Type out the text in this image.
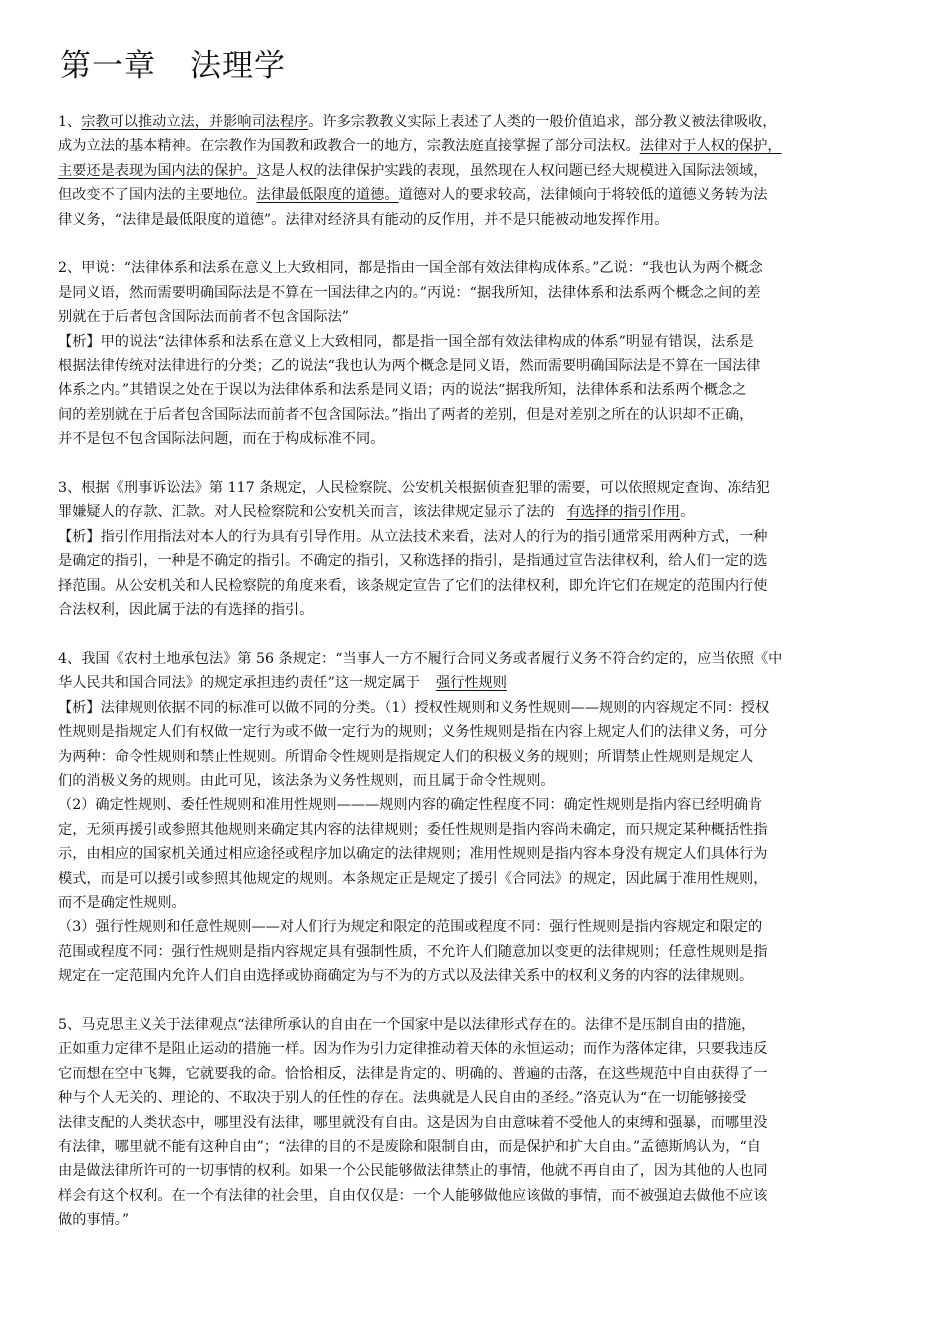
第一章 法理学
1、宗教可以推动立法，并影响司法程序。许多宗教教义实际上表述了人类的一般价值追求，部分教义被法律吸收，
成为立法的基本精神。在宗教作为国教和政教合一的地方，宗教法庭直接掌握了部分司法权。法律对于人权的保护，
主要还是表现为国内法的保护。这是人权的法律保护实践的表现，虽然现在人权问题已经大规模进入国际法领域，
但改变不了国内法的主要地位。法律最低限度的道德。道德对人的要求较高，法律倾向于将较低的道德义务转为法
律义务，“法律是最低限度的道德”。法律对经济具有能动的反作用，并不是只能被动地发挥作用。
2、甲说：“法律体系和法系在意义上大致相同，都是指由一国全部有效法律构成体系。”乙说：“我也认为两个概念
是同义语，然而需要明确国际法是不算在一国法律之内的。”丙说：“据我所知，法律体系和法系两个概念之间的差
别就在于后者包含国际法而前者不包含国际法”
【析】甲的说法“法律体系和法系在意义上大致相同，都是指一国全部有效法律构成的体系”明显有错误，法系是
根据法律传统对法律进行的分类；乙的说法“我也认为两个概念是同义语，然而需要明确国际法是不算在一国法律
体系之内。”其错误之处在于误以为法律体系和法系是同义语；丙的说法“据我所知，法律体系和法系两个概念之
间的差别就在于后者包含国际法而前者不包含国际法。”指出了两者的差别，但是对差别之所在的认识却不正确，
并不是包不包含国际法问题，而在于构成标准不同。
3、根据《刑事诉讼法》第 117 条规定，人民检察院、公安机关根据侦查犯罪的需要，可以依照规定查询、冻结犯
罪嫌疑人的存款、汇款。对人民检察院和公安机关而言，该法律规定显示了法的 有选择的指引作用。
【析】指引作用指法对本人的行为具有引导作用。从立法技术来看，法对人的行为的指引通常采用两种方式，一种
是确定的指引，一种是不确定的指引。不确定的指引，又称选择的指引，是指通过宣告法律权利，给人们一定的选
择范围。从公安机关和人民检察院的角度来看，该条规定宣告了它们的法律权利，即允许它们在规定的范围内行使
合法权利，因此属于法的有选择的指引。
4、我国《农村土地承包法》第 56 条规定：“当事人一方不履行合同义务或者履行义务不符合约定的，应当依照《中
华人民共和国合同法》的规定承担违约责任”这一规定属于 强行性规则
【析】法律规则依据不同的标准可以做不同的分类。（1）授权性规则和义务性规则——规则的内容规定不同：授权
性规则是指规定人们有权做一定行为或不做一定行为的规则；义务性规则是指在内容上规定人们的法律义务，可分
为两种：命令性规则和禁止性规则。所谓命令性规则是指规定人们的积极义务的规则；所谓禁止性规则是规定人
们的消极义务的规则。由此可见，该法条为义务性规则，而且属于命令性规则。
（2）确定性规则、委任性规则和准用性规则———规则内容的确定性程度不同：确定性规则是指内容已经明确肯
定，无须再援引或参照其他规则来确定其内容的法律规则；委任性规则是指内容尚未确定，而只规定某种概括性指
示，由相应的国家机关通过相应途径或程序加以确定的法律规则；准用性规则是指内容本身没有规定人们具体行为
模式，而是可以援引或参照其他规定的规则。本条规定正是规定了援引《合同法》的规定，因此属于准用性规则，
而不是确定性规则。
（3）强行性规则和任意性规则——对人们行为规定和限定的范围或程度不同：强行性规则是指内容规定和限定的
范围或程度不同：强行性规则是指内容规定具有强制性质，不允许人们随意加以变更的法律规则；任意性规则是指
规定在一定范围内允许人们自由选择或协商确定为与不为的方式以及法律关系中的权利义务的内容的法律规则。
5、马克思主义关于法律观点“法律所承认的自由在一个国家中是以法律形式存在的。法律不是压制自由的措施，
正如重力定律不是阻止运动的措施一样。因为作为引力定律推动着天体的永恒运动；而作为落体定律，只要我违反
它而想在空中飞舞，它就要我的命。恰恰相反，法律是肯定的、明确的、普遍的击落，在这些规范中自由获得了一
种与个人无关的、理论的、不取决于别人的任性的存在。法典就是人民自由的圣经。”洛克认为“在一切能够接受
法律支配的人类状态中，哪里没有法律，哪里就没有自由。这是因为自由意味着不受他人的束缚和强暴，而哪里没
有法律，哪里就不能有这种自由”；“法律的目的不是废除和限制自由，而是保护和扩大自由。”孟德斯鸠认为，“自
由是做法律所许可的一切事情的权利。如果一个公民能够做法律禁止的事情，他就不再自由了，因为其他的人也同
样会有这个权利。在一个有法律的社会里，自由仅仅是：一个人能够做他应该做的事情，而不被强迫去做他不应该
做的事情。”
